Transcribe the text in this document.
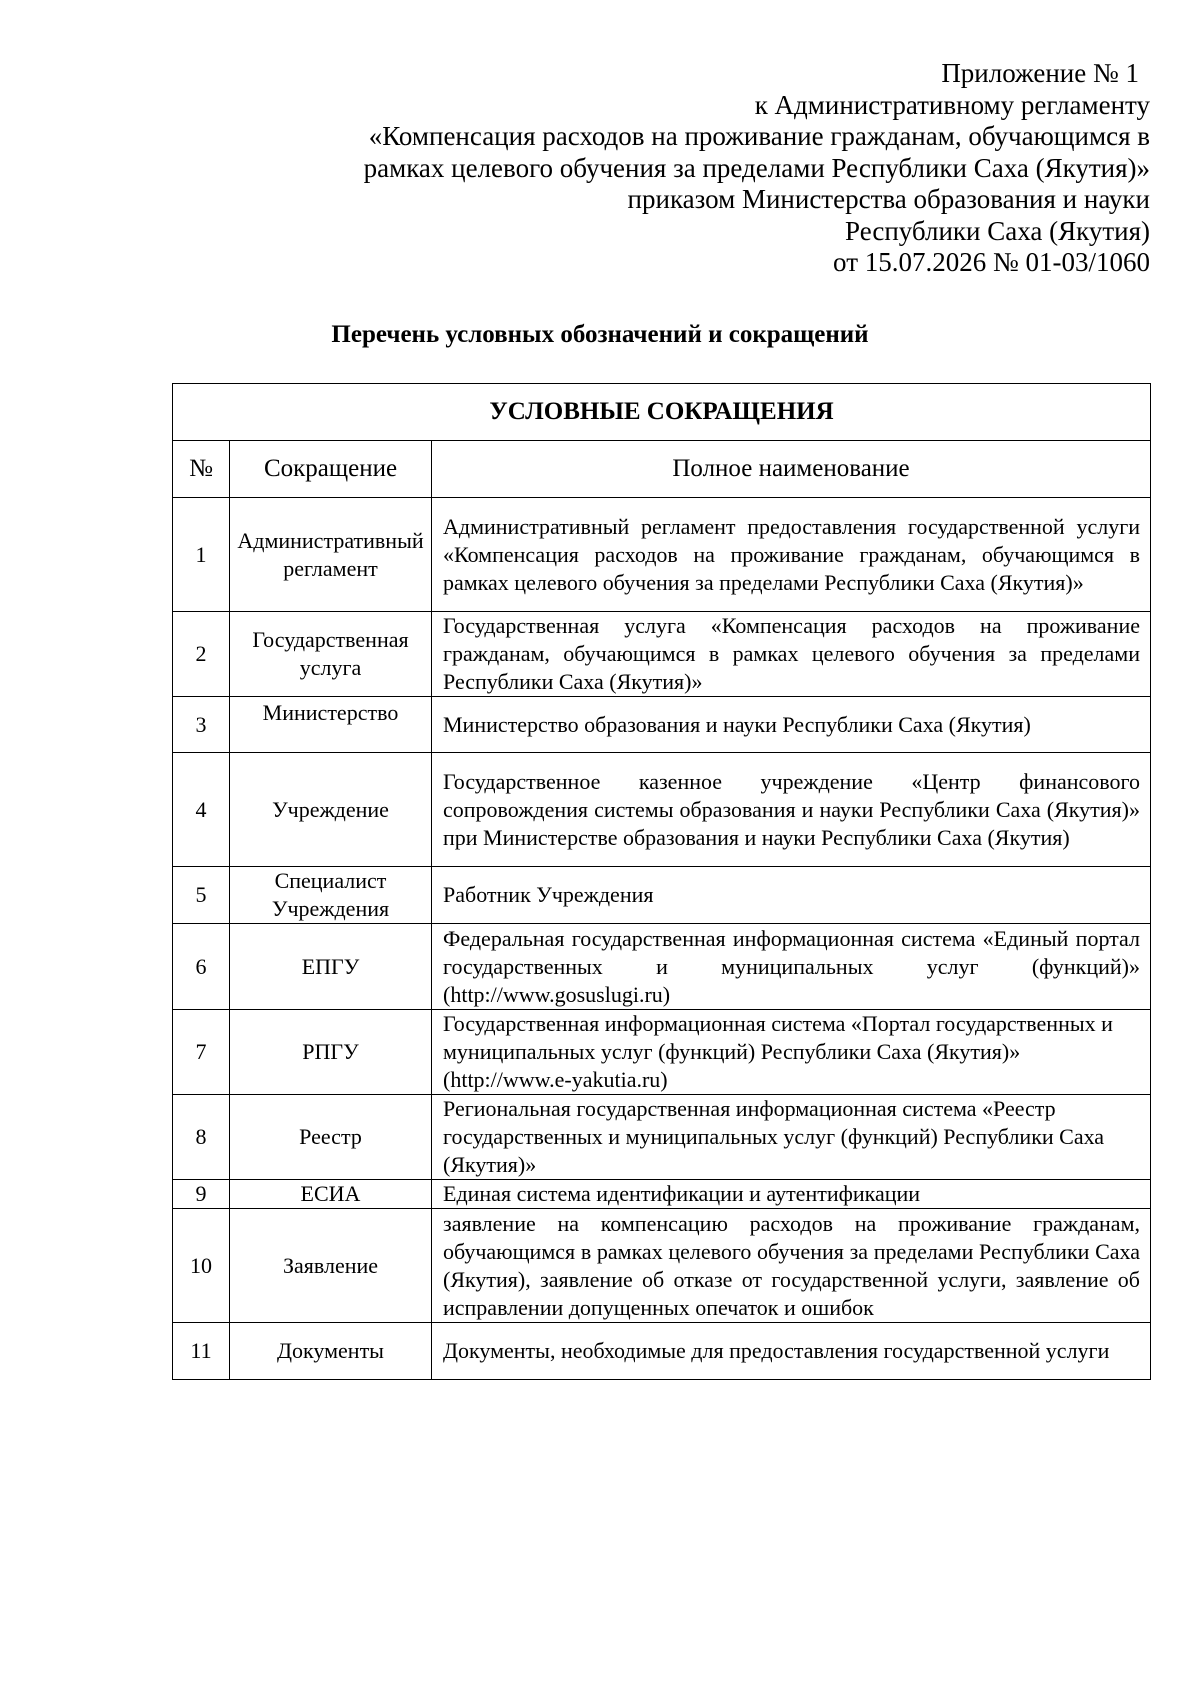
Приложение № 1
к Административному регламенту
«Компенсация расходов на проживание гражданам, обучающимся в
рамках целевого обучения за пределами Республики Саха (Якутия)»
приказом Министерства образования и науки
Республики Саха (Якутия)
от 15.07.2026 № 01-03/1060
Перечень условных обозначений и сокращений
УСЛОВНЫЕ СОКРАЩЕНИЯ		
№	Сокращение	Полное наименование
1	Административный регламент	Административный регламент предоставления государственной услуги «Компенсация расходов на проживание гражданам, обучающимся в рамках целевого обучения за пределами Республики Саха (Якутия)»
2	Государственная услуга	Государственная услуга «Компенсация расходов на проживание гражданам, обучающимся в рамках целевого обучения за пределами Республики Саха (Якутия)»
3	Министерство	Министерство образования и науки Республики Саха (Якутия)
4	Учреждение	Государственное казенное учреждение «Центр финансового сопровождения системы образования и науки Республики Саха (Якутия)» при Министерстве образования и науки Республики Саха (Якутия)
5	Специалист Учреждения	Работник Учреждения
6	ЕПГУ	Федеральная государственная информационная система «Единый портал государственных и муниципальных услуг (функций)» (http://www.gosuslugi.ru)
7	РПГУ	Государственная информационная система «Портал государственных и муниципальных услуг (функций) Республики Саха (Якутия)» (http://www.e-yakutia.ru)
8	Реестр	Региональная государственная информационная система «Реестр государственных и муниципальных услуг (функций) Республики Саха (Якутия)»
9	ЕСИА	Единая система идентификации и аутентификации
10	Заявление	заявление на компенсацию расходов на проживание гражданам, обучающимся в рамках целевого обучения за пределами Республики Саха (Якутия), заявление об отказе от государственной услуги, заявление об исправлении допущенных опечаток и ошибок
11	Документы	Документы, необходимые для предоставления государственной услуги
